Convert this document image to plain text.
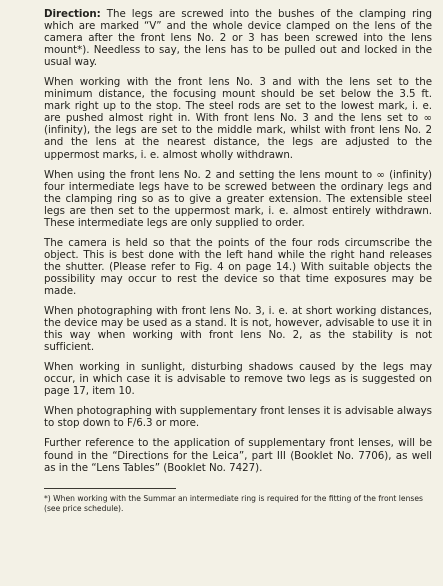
Direction: The legs are screwed into the bushes of the clamping ring which are marked “V” and the whole device clamped on the lens of the camera after the front lens No. 2 or 3 has been screwed into the lens mount*). Needless to say, the lens has to be pulled out and locked in the usual way.

When working with the front lens No. 3 and with the lens set to the minimum distance, the focusing mount should be set below the 3.5 ft. mark right up to the stop. The steel rods are set to the lowest mark, i. e. are pushed almost right in. With front lens No. 3 and the lens set to ∞ (infinity), the legs are set to the middle mark, whilst with front lens No. 2 and the lens at the nearest distance, the legs are adjusted to the uppermost marks, i. e. almost wholly withdrawn.

When using the front lens No. 2 and setting the lens mount to ∞ (infinity) four intermediate legs have to be screwed between the ordinary legs and the clamping ring so as to give a greater extension. The extensible steel legs are then set to the uppermost mark, i. e. almost entirely withdrawn. These intermediate legs are only supplied to order.

The camera is held so that the points of the four rods circumscribe the object. This is best done with the left hand while the right hand releases the shutter. (Please refer to Fig. 4 on page 14.) With suitable objects the possibility may occur to rest the device so that time exposures may be made.

When photographing with front lens No. 3, i. e. at short working distances, the device may be used as a stand. It is not, however, advisable to use it in this way when working with front lens No. 2, as the stability is not sufficient.

When working in sunlight, disturbing shadows caused by the legs may occur, in which case it is advisable to remove two legs as is suggested on page 17, item 10.

When photographing with supplementary front lenses it is advisable always to stop down to F/6.3 or more.

Further reference to the application of supplementary front lenses, will be found in the “Directions for the Leica”, part III (Booklet No. 7706), as well as in the “Lens Tables” (Booklet No. 7427).

*) When working with the Summar an intermediate ring is required for the fitting of the front lenses (see price schedule).
